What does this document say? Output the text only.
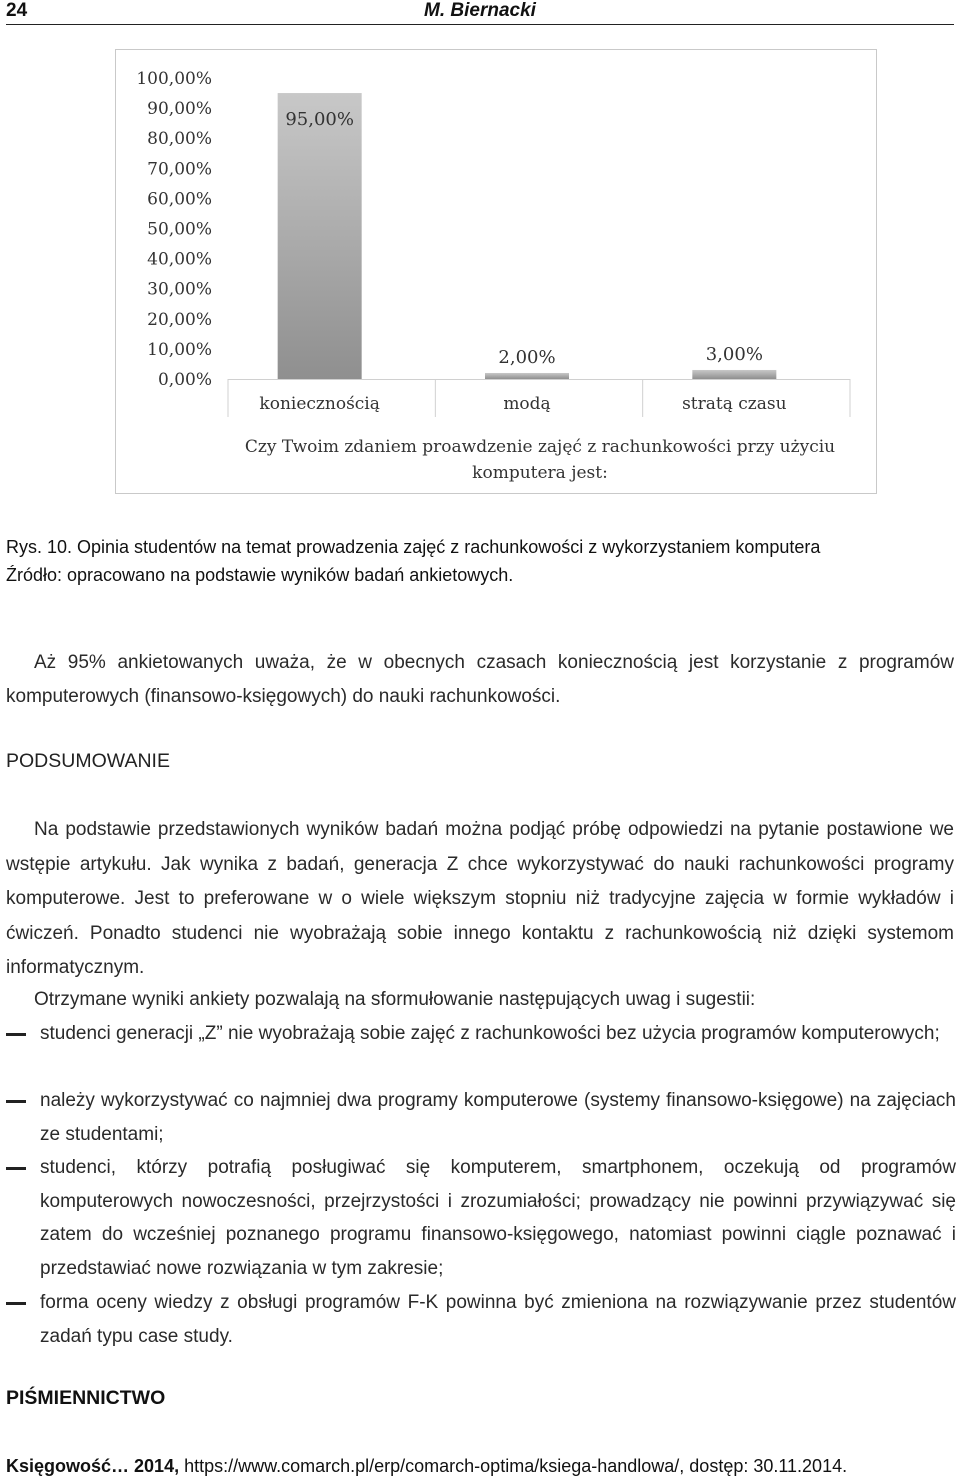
24	M. Biernacki
0,00%
10,00%
20,00%
30,00%
40,00%
50,00%
60,00%
70,00%
80,00%
90,00%
100,00%
95,00%
2,00%	3,00%
koniecznością	modą	stratą czasu
Czy Twoim zdaniem proawdzenie zajęć z rachunkowości przy użyciu
komputera jest:
Rys. 10. Opinia studentów na temat prowadzenia zajęć z rachunkowości z wykorzystaniem komputera
Źródło: opracowano na podstawie wyników badań ankietowych.

Aż 95% ankietowanych uważa, że w obecnych czasach koniecznością jest korzystanie z programów komputerowych (finansowo-księgowych) do nauki rachunkowości.

PODSUMOWANIE

Na podstawie przedstawionych wyników badań można podjąć próbę odpowiedzi na pytanie postawione we wstępie artykułu. Jak wynika z badań, generacja Z chce wykorzystywać do nauki rachunkowości programy komputerowe. Jest to preferowane w o wiele większym stopniu niż tradycyjne zajęcia w formie wykładów i ćwiczeń. Ponadto studenci nie wyobrażają sobie innego kontaktu z rachunkowością niż dzięki systemom informatycznym.

Otrzymane wyniki ankiety pozwalają na sformułowanie następujących uwag i sugestii:

studenci generacji „Z” nie wyobrażają sobie zajęć z rachunkowości bez użycia programów komputerowych;
należy wykorzystywać co najmniej dwa programy komputerowe (systemy finansowo-księgowe) na zajęciach ze studentami;
studenci, którzy potrafią posługiwać się komputerem, smartphonem, oczekują od programów komputerowych nowoczesności, przejrzystości i zrozumiałości; prowadzący nie powinni przywiązywać się zatem do wcześniej poznanego programu finansowo-księgowego, natomiast powinni ciągle poznawać i przedstawiać nowe rozwiązania w tym zakresie;
forma oceny wiedzy z obsługi programów F-K powinna być zmieniona na rozwiązywanie przez studentów zadań typu case study.
PIŚMIENNICTWO
Księgowość… 2014, https://www.comarch.pl/erp/comarch-optima/ksiega-handlowa/, dostęp: 30.11.2014.
